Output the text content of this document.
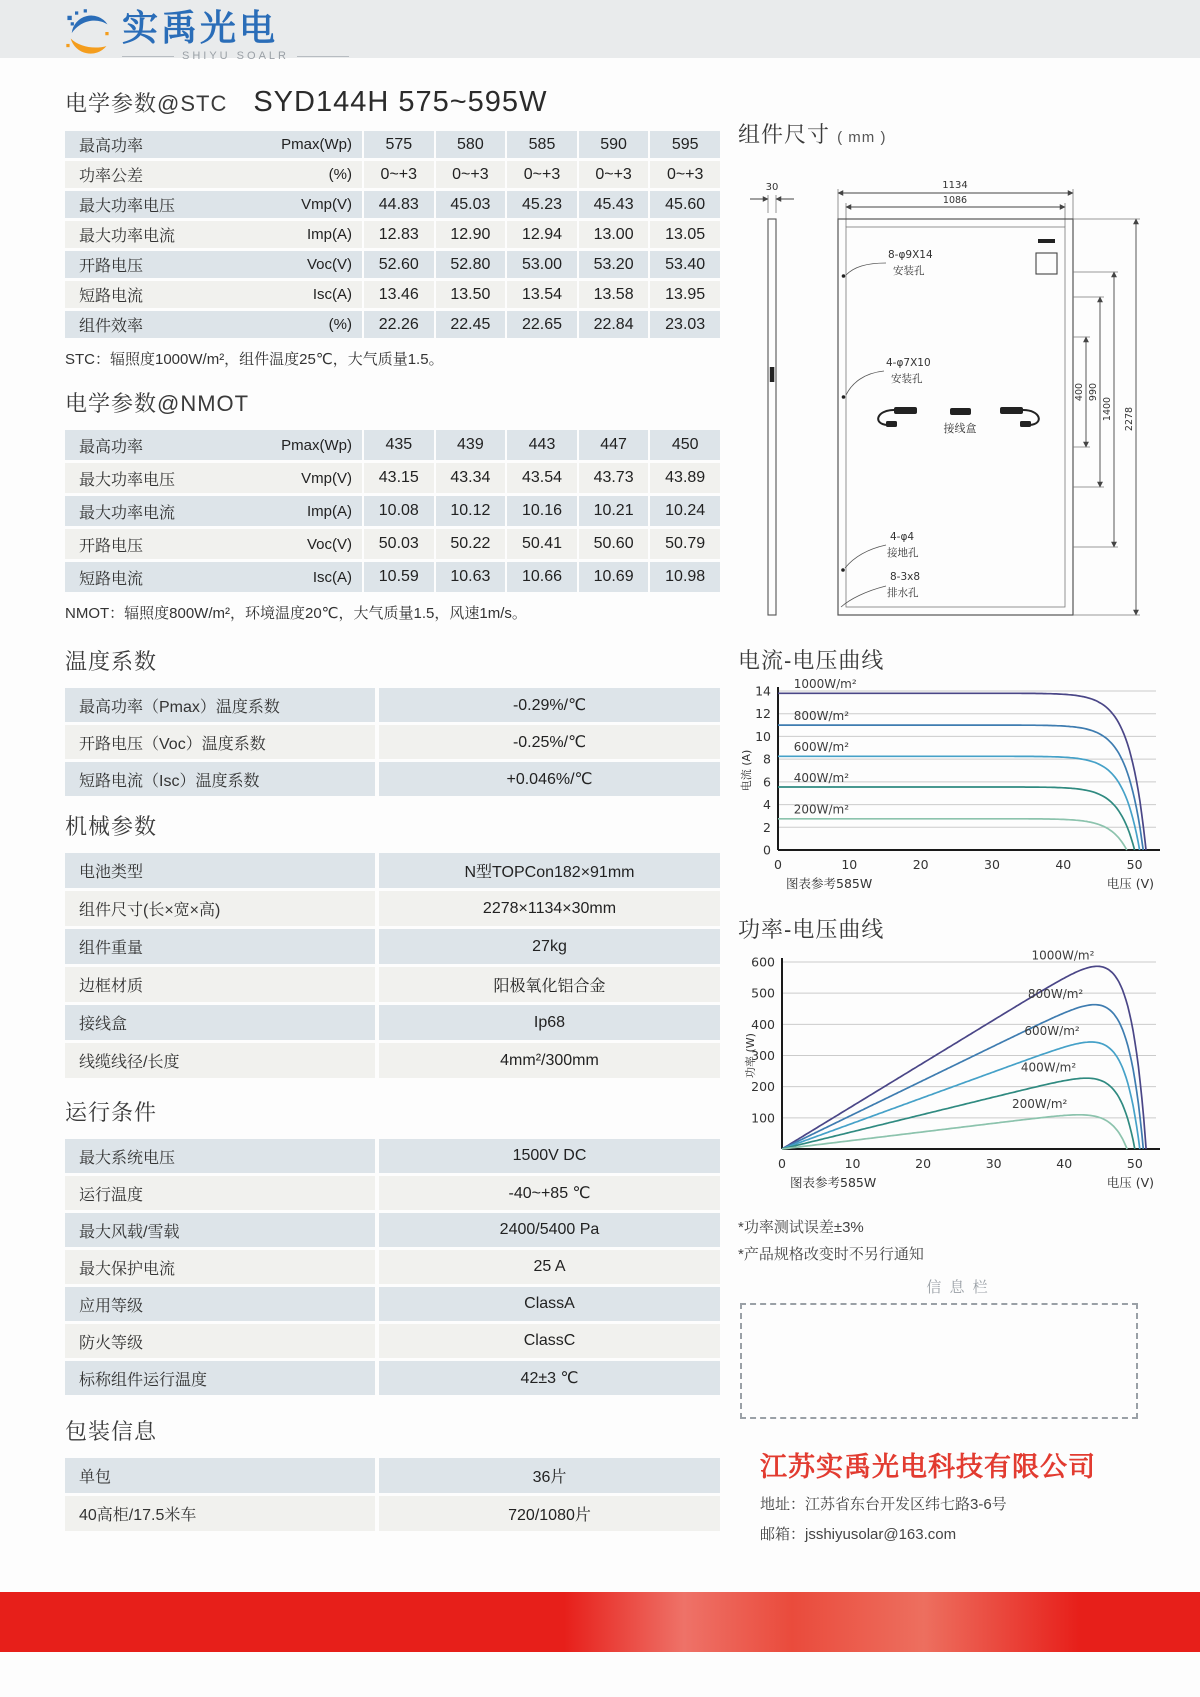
实禹光电
SHIYU SOALR
电学参数@STC SYD144H 575~595W
最高功率	Pmax(Wp)	575	580	585	590	595
功率公差	(%)	0~+3	0~+3	0~+3	0~+3	0~+3
最大功率电压	Vmp(V)	44.83	45.03	45.23	45.43	45.60
最大功率电流	Imp(A)	12.83	12.90	12.94	13.00	13.05
开路电压	Voc(V)	52.60	52.80	53.00	53.20	53.40
短路电流	Isc(A)	13.46	13.50	13.54	13.58	13.95
组件效率	(%)	22.26	22.45	22.65	22.84	23.03
STC：辐照度1000W/m²，组件温度25℃，大气质量1.5。
电学参数@NMOT
最高功率	Pmax(Wp)	435	439	443	447	450
最大功率电压	Vmp(V)	43.15	43.34	43.54	43.73	43.89
最大功率电流	Imp(A)	10.08	10.12	10.16	10.21	10.24
开路电压	Voc(V)	50.03	50.22	50.41	50.60	50.79
短路电流	Isc(A)	10.59	10.63	10.66	10.69	10.98
NMOT：辐照度800W/m²，环境温度20℃，大气质量1.5，风速1m/s。
温度系数
最高功率（Pmax）温度系数	-0.29%/℃
开路电压（Voc）温度系数	-0.25%/℃
短路电流（Isc）温度系数	+0.046%/℃
机械参数
电池类型	N型TOPCon182×91mm
组件尺寸(长×宽×高)	2278×1134×30mm
组件重量	27kg
边框材质	阳极氧化铝合金
接线盒	Ip68
线缆线径/长度	4mm²/300mm
运行条件
最大系统电压	1500V DC
运行温度	-40~+85 ℃
最大风载/雪载	2400/5400 Pa
最大保护电流	25 A
应用等级	ClassA
防火等级	ClassC
标称组件运行温度	42±3 ℃
包装信息
单包	36片
40高柜/17.5米车	720/1080片
组件尺寸 ( mm )
30	1134
1086
8-φ9X14
安装孔
4-φ7X10
安装孔
接线盒
4-φ4
接地孔
8-3x8
排水孔
400 990
1400 2278
电流-电压曲线
0
2
4
6
8
10
12
14
0	10	20	30	40	50
电流 (A)
图表参考585W	电压 (V)
1000W/m²
800W/m²
600W/m²
400W/m²
200W/m²
功率-电压曲线
100
200
300
400
500
600
0	10	20	30	40	50
功率 (W)
图表参考585W	电压 (V)
1000W/m²
800W/m²
600W/m²
400W/m²
200W/m²
*功率测试误差±3%
*产品规格改变时不另行通知
信 息 栏
江苏实禹光电科技有限公司
地址：江苏省东台开发区纬七路3-6号
邮箱：jsshiyusolar@163.com
